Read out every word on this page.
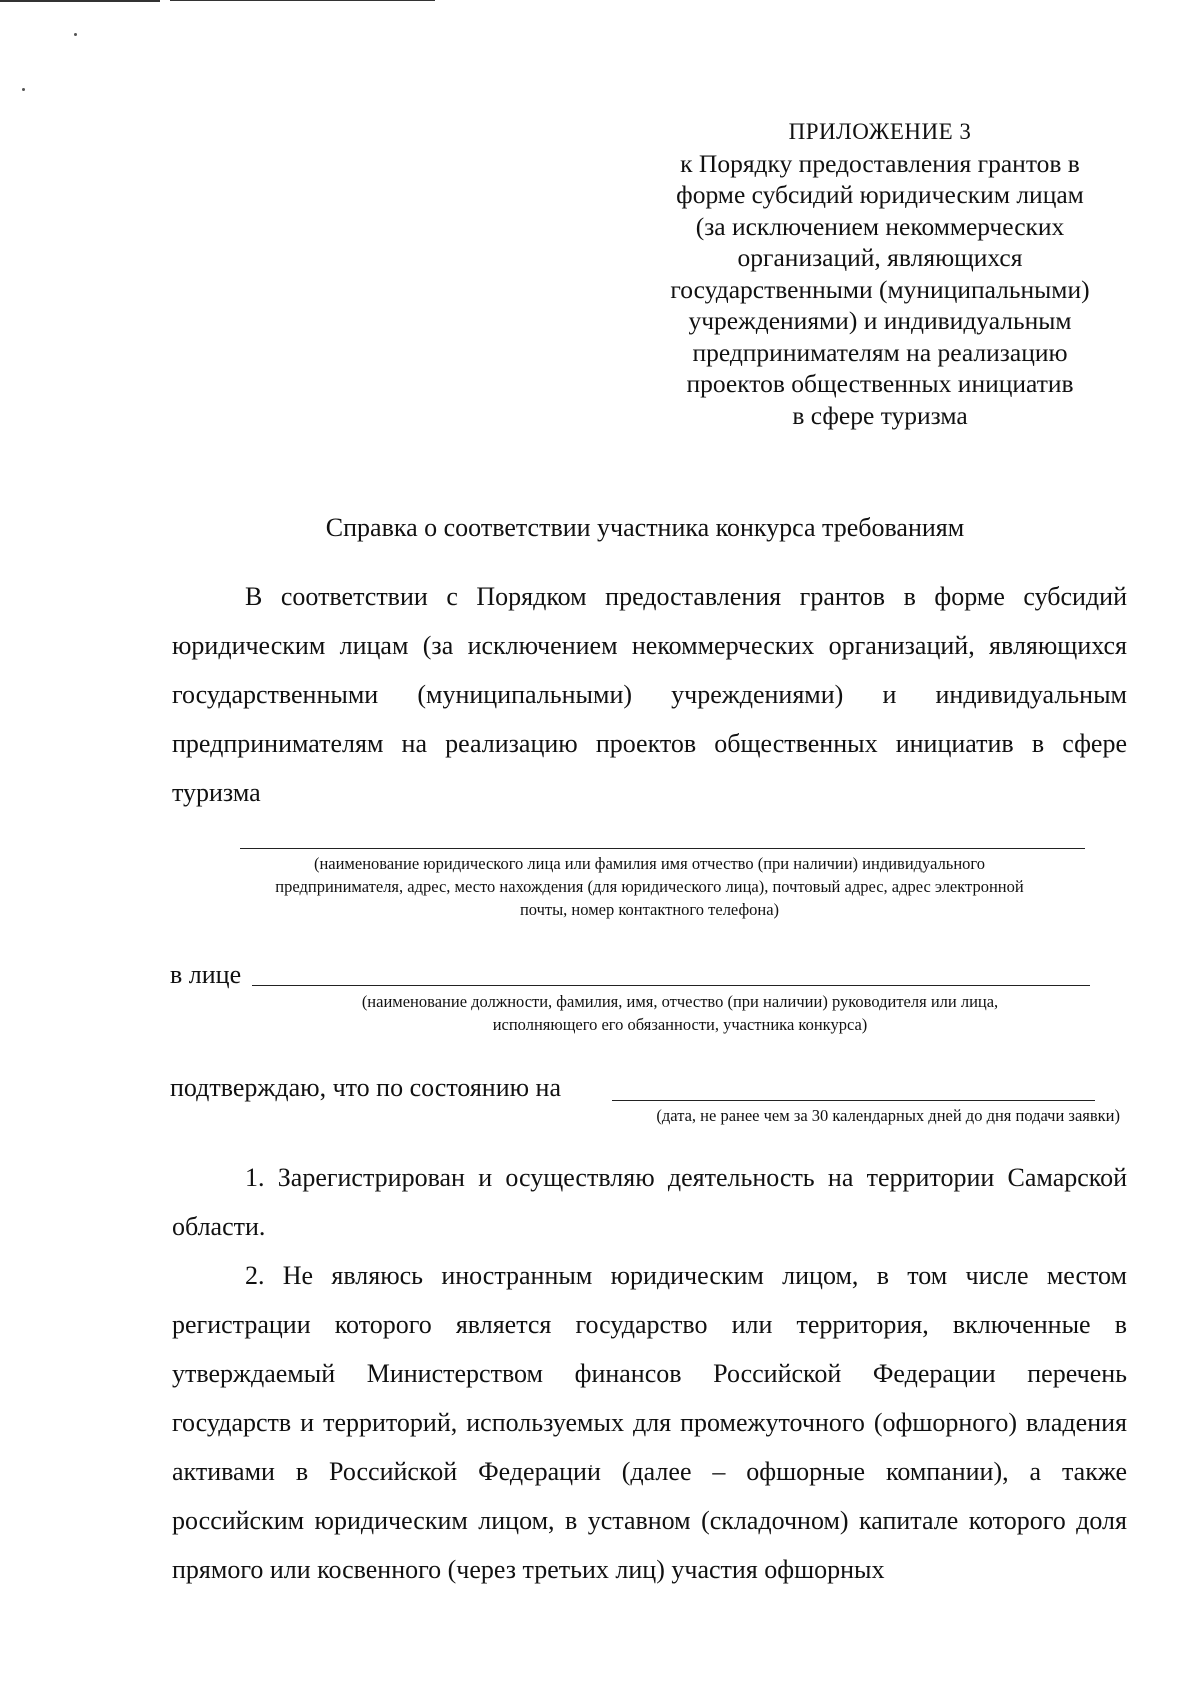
ПРИЛОЖЕНИЕ 3
к Порядку предоставления грантов в
форме субсидий юридическим лицам
(за исключением некоммерческих
организаций, являющихся
государственными (муниципальными)
учреждениями) и индивидуальным
предпринимателям на реализацию
проектов общественных инициатив
в сфере туризма
Справка о соответствии участника конкурса требованиям

В соответствии с Порядком предоставления грантов в форме субсидий юридическим лицам (за исключением некоммерческих организаций, являющихся государственными (муниципальными) учреждениями) и индивидуальным предпринимателям на реализацию проектов общественных инициатив в сфере туризма

(наименование юридического лица или фамилия имя отчество (при наличии) индивидуального
предпринимателя, адрес, место нахождения (для юридического лица), почтовый адрес, адрес электронной
почты, номер контактного телефона)
в лице
(наименование должности, фамилия, имя, отчество (при наличии) руководителя или лица,
исполняющего его обязанности, участника конкурса)
подтверждаю, что по состоянию на
(дата, не ранее чем за 30 календарных дней до дня подачи заявки)

1. Зарегистрирован и осуществляю деятельность на территории Самарской области.

2. Не являюсь иностранным юридическим лицом, в том числе местом регистрации которого является государство или территория, включенные в утверждаемый Министерством финансов Российской Федерации перечень государств и территорий, используемых для промежуточного (офшорного) владения активами в Российской Федерации (далее – офшорные компании), а также российским юридическим лицом, в уставном (складочном) капитале которого доля прямого или косвенного (через третьих лиц) участия офшорных
